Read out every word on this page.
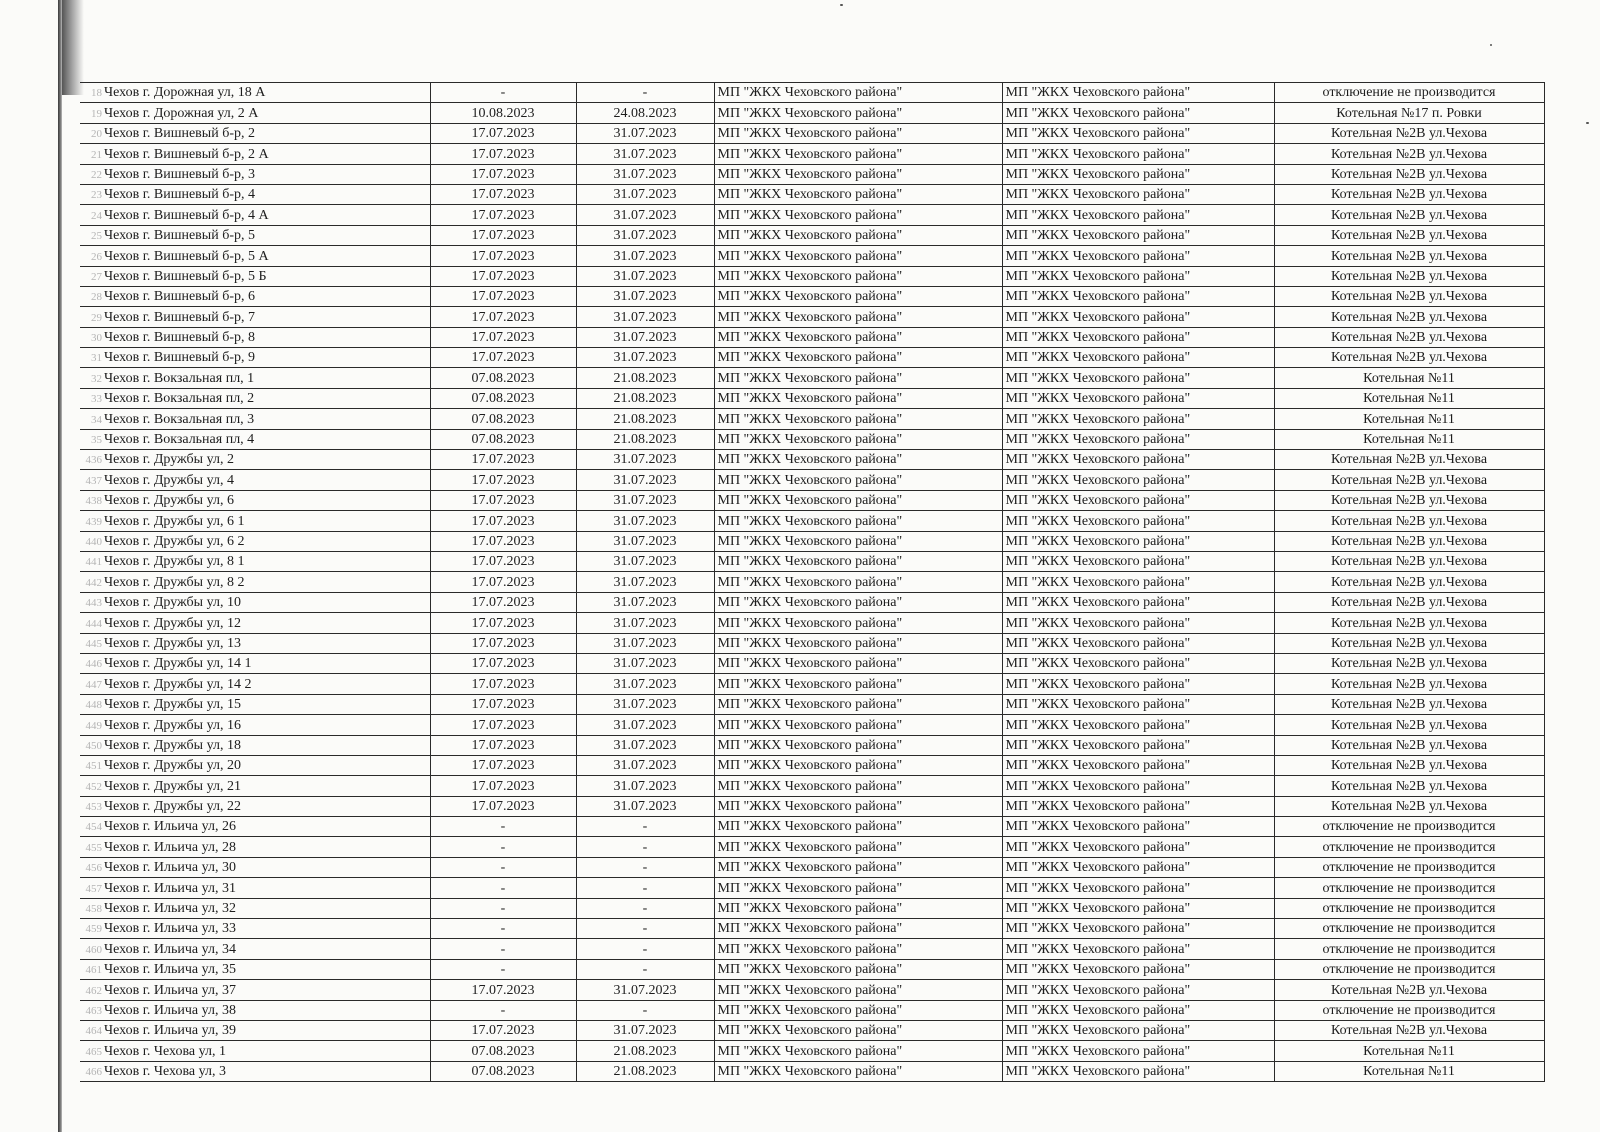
18	Чехов г. Дорожная ул, 18 А	-	-	МП "ЖКХ Чеховского района"	МП "ЖКХ Чеховского района"	отключение не производится
19	Чехов г. Дорожная ул, 2 А	10.08.2023	24.08.2023	МП "ЖКХ Чеховского района"	МП "ЖКХ Чеховского района"	Котельная №17 п. Ровки
20	Чехов г. Вишневый б-р, 2	17.07.2023	31.07.2023	МП "ЖКХ Чеховского района"	МП "ЖКХ Чеховского района"	Котельная №2В ул.Чехова
21	Чехов г. Вишневый б-р, 2 А	17.07.2023	31.07.2023	МП "ЖКХ Чеховского района"	МП "ЖКХ Чеховского района"	Котельная №2В ул.Чехова
22	Чехов г. Вишневый б-р, 3	17.07.2023	31.07.2023	МП "ЖКХ Чеховского района"	МП "ЖКХ Чеховского района"	Котельная №2В ул.Чехова
23	Чехов г. Вишневый б-р, 4	17.07.2023	31.07.2023	МП "ЖКХ Чеховского района"	МП "ЖКХ Чеховского района"	Котельная №2В ул.Чехова
24	Чехов г. Вишневый б-р, 4 А	17.07.2023	31.07.2023	МП "ЖКХ Чеховского района"	МП "ЖКХ Чеховского района"	Котельная №2В ул.Чехова
25	Чехов г. Вишневый б-р, 5	17.07.2023	31.07.2023	МП "ЖКХ Чеховского района"	МП "ЖКХ Чеховского района"	Котельная №2В ул.Чехова
26	Чехов г. Вишневый б-р, 5 А	17.07.2023	31.07.2023	МП "ЖКХ Чеховского района"	МП "ЖКХ Чеховского района"	Котельная №2В ул.Чехова
27	Чехов г. Вишневый б-р, 5 Б	17.07.2023	31.07.2023	МП "ЖКХ Чеховского района"	МП "ЖКХ Чеховского района"	Котельная №2В ул.Чехова
28	Чехов г. Вишневый б-р, 6	17.07.2023	31.07.2023	МП "ЖКХ Чеховского района"	МП "ЖКХ Чеховского района"	Котельная №2В ул.Чехова
29	Чехов г. Вишневый б-р, 7	17.07.2023	31.07.2023	МП "ЖКХ Чеховского района"	МП "ЖКХ Чеховского района"	Котельная №2В ул.Чехова
30	Чехов г. Вишневый б-р, 8	17.07.2023	31.07.2023	МП "ЖКХ Чеховского района"	МП "ЖКХ Чеховского района"	Котельная №2В ул.Чехова
31	Чехов г. Вишневый б-р, 9	17.07.2023	31.07.2023	МП "ЖКХ Чеховского района"	МП "ЖКХ Чеховского района"	Котельная №2В ул.Чехова
32	Чехов г. Вокзальная пл, 1	07.08.2023	21.08.2023	МП "ЖКХ Чеховского района"	МП "ЖКХ Чеховского района"	Котельная №11
33	Чехов г. Вокзальная пл, 2	07.08.2023	21.08.2023	МП "ЖКХ Чеховского района"	МП "ЖКХ Чеховского района"	Котельная №11
34	Чехов г. Вокзальная пл, 3	07.08.2023	21.08.2023	МП "ЖКХ Чеховского района"	МП "ЖКХ Чеховского района"	Котельная №11
35	Чехов г. Вокзальная пл, 4	07.08.2023	21.08.2023	МП "ЖКХ Чеховского района"	МП "ЖКХ Чеховского района"	Котельная №11
436	Чехов г. Дружбы ул, 2	17.07.2023	31.07.2023	МП "ЖКХ Чеховского района"	МП "ЖКХ Чеховского района"	Котельная №2В ул.Чехова
437	Чехов г. Дружбы ул, 4	17.07.2023	31.07.2023	МП "ЖКХ Чеховского района"	МП "ЖКХ Чеховского района"	Котельная №2В ул.Чехова
438	Чехов г. Дружбы ул, 6	17.07.2023	31.07.2023	МП "ЖКХ Чеховского района"	МП "ЖКХ Чеховского района"	Котельная №2В ул.Чехова
439	Чехов г. Дружбы ул, 6 1	17.07.2023	31.07.2023	МП "ЖКХ Чеховского района"	МП "ЖКХ Чеховского района"	Котельная №2В ул.Чехова
440	Чехов г. Дружбы ул, 6 2	17.07.2023	31.07.2023	МП "ЖКХ Чеховского района"	МП "ЖКХ Чеховского района"	Котельная №2В ул.Чехова
441	Чехов г. Дружбы ул, 8 1	17.07.2023	31.07.2023	МП "ЖКХ Чеховского района"	МП "ЖКХ Чеховского района"	Котельная №2В ул.Чехова
442	Чехов г. Дружбы ул, 8 2	17.07.2023	31.07.2023	МП "ЖКХ Чеховского района"	МП "ЖКХ Чеховского района"	Котельная №2В ул.Чехова
443	Чехов г. Дружбы ул, 10	17.07.2023	31.07.2023	МП "ЖКХ Чеховского района"	МП "ЖКХ Чеховского района"	Котельная №2В ул.Чехова
444	Чехов г. Дружбы ул, 12	17.07.2023	31.07.2023	МП "ЖКХ Чеховского района"	МП "ЖКХ Чеховского района"	Котельная №2В ул.Чехова
445	Чехов г. Дружбы ул, 13	17.07.2023	31.07.2023	МП "ЖКХ Чеховского района"	МП "ЖКХ Чеховского района"	Котельная №2В ул.Чехова
446	Чехов г. Дружбы ул, 14 1	17.07.2023	31.07.2023	МП "ЖКХ Чеховского района"	МП "ЖКХ Чеховского района"	Котельная №2В ул.Чехова
447	Чехов г. Дружбы ул, 14 2	17.07.2023	31.07.2023	МП "ЖКХ Чеховского района"	МП "ЖКХ Чеховского района"	Котельная №2В ул.Чехова
448	Чехов г. Дружбы ул, 15	17.07.2023	31.07.2023	МП "ЖКХ Чеховского района"	МП "ЖКХ Чеховского района"	Котельная №2В ул.Чехова
449	Чехов г. Дружбы ул, 16	17.07.2023	31.07.2023	МП "ЖКХ Чеховского района"	МП "ЖКХ Чеховского района"	Котельная №2В ул.Чехова
450	Чехов г. Дружбы ул, 18	17.07.2023	31.07.2023	МП "ЖКХ Чеховского района"	МП "ЖКХ Чеховского района"	Котельная №2В ул.Чехова
451	Чехов г. Дружбы ул, 20	17.07.2023	31.07.2023	МП "ЖКХ Чеховского района"	МП "ЖКХ Чеховского района"	Котельная №2В ул.Чехова
452	Чехов г. Дружбы ул, 21	17.07.2023	31.07.2023	МП "ЖКХ Чеховского района"	МП "ЖКХ Чеховского района"	Котельная №2В ул.Чехова
453	Чехов г. Дружбы ул, 22	17.07.2023	31.07.2023	МП "ЖКХ Чеховского района"	МП "ЖКХ Чеховского района"	Котельная №2В ул.Чехова
454	Чехов г. Ильича ул, 26	-	-	МП "ЖКХ Чеховского района"	МП "ЖКХ Чеховского района"	отключение не производится
455	Чехов г. Ильича ул, 28	-	-	МП "ЖКХ Чеховского района"	МП "ЖКХ Чеховского района"	отключение не производится
456	Чехов г. Ильича ул, 30	-	-	МП "ЖКХ Чеховского района"	МП "ЖКХ Чеховского района"	отключение не производится
457	Чехов г. Ильича ул, 31	-	-	МП "ЖКХ Чеховского района"	МП "ЖКХ Чеховского района"	отключение не производится
458	Чехов г. Ильича ул, 32	-	-	МП "ЖКХ Чеховского района"	МП "ЖКХ Чеховского района"	отключение не производится
459	Чехов г. Ильича ул, 33	-	-	МП "ЖКХ Чеховского района"	МП "ЖКХ Чеховского района"	отключение не производится
460	Чехов г. Ильича ул, 34	-	-	МП "ЖКХ Чеховского района"	МП "ЖКХ Чеховского района"	отключение не производится
461	Чехов г. Ильича ул, 35	-	-	МП "ЖКХ Чеховского района"	МП "ЖКХ Чеховского района"	отключение не производится
462	Чехов г. Ильича ул, 37	17.07.2023	31.07.2023	МП "ЖКХ Чеховского района"	МП "ЖКХ Чеховского района"	Котельная №2В ул.Чехова
463	Чехов г. Ильича ул, 38	-	-	МП "ЖКХ Чеховского района"	МП "ЖКХ Чеховского района"	отключение не производится
464	Чехов г. Ильича ул, 39	17.07.2023	31.07.2023	МП "ЖКХ Чеховского района"	МП "ЖКХ Чеховского района"	Котельная №2В ул.Чехова
465	Чехов г. Чехова ул, 1	07.08.2023	21.08.2023	МП "ЖКХ Чеховского района"	МП "ЖКХ Чеховского района"	Котельная №11
466	Чехов г. Чехова ул, 3	07.08.2023	21.08.2023	МП "ЖКХ Чеховского района"	МП "ЖКХ Чеховского района"	Котельная №11
